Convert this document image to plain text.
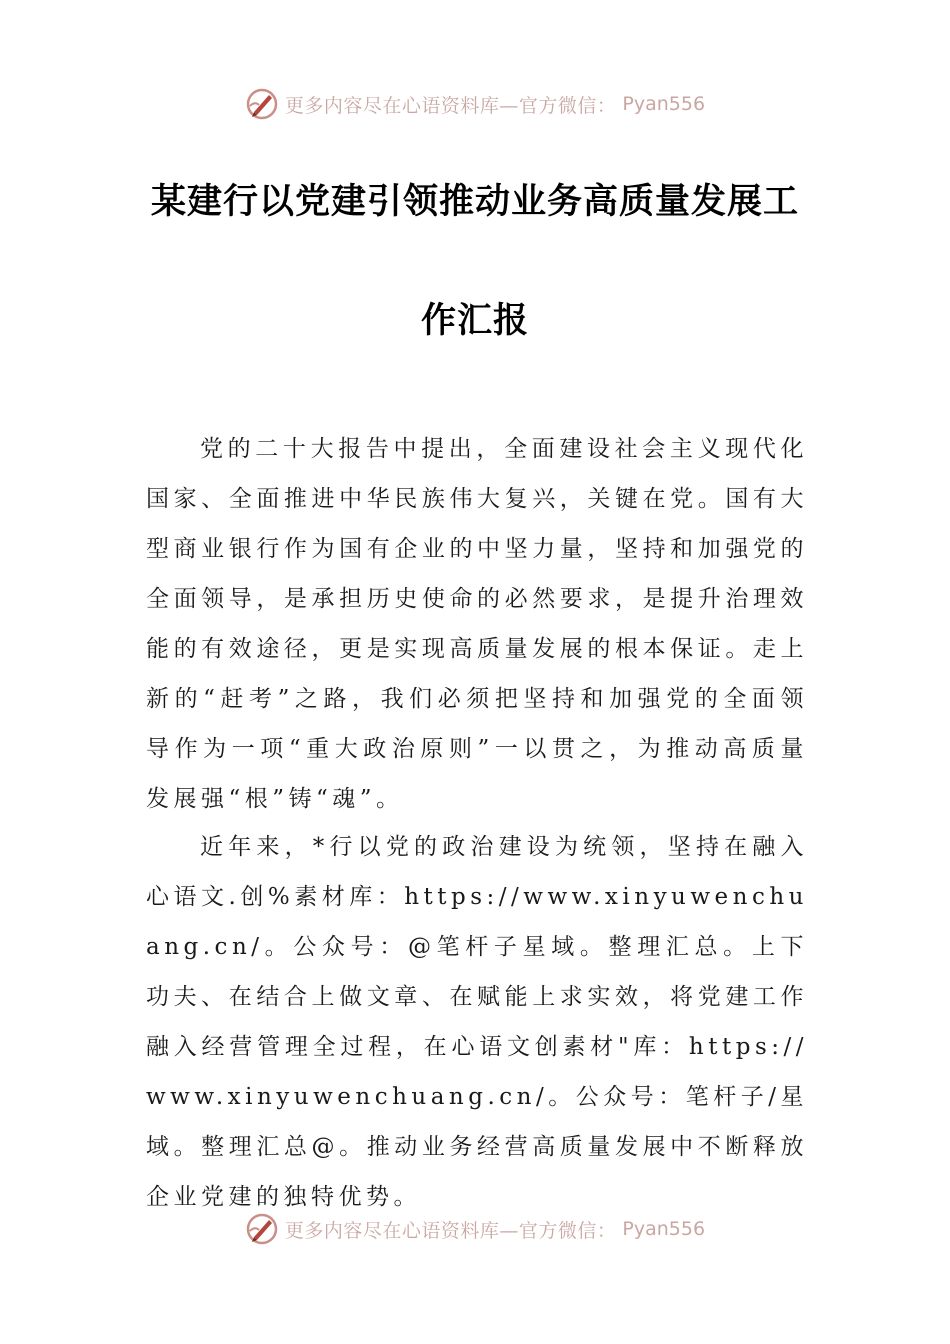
更多内容尽在心语资料库—官方微信： Pyan556
某建行以党建引领推动业务高质量发展工
作汇报

党的二十大报告中提出，全面建设社会主义现代化国家、全面推进中华民族伟大复兴，关键在党。国有大型商业银行作为国有企业的中坚力量，坚持和加强党的全面领导，是承担历史使命的必然要求，是提升治理效能的有效途径，更是实现高质量发展的根本保证。走上新的“赶考”之路，我们必须把坚持和加强党的全面领导作为一项“重大政治原则”一以贯之，为推动高质量发展强“根”铸“魂”。

近年来，*行以党的政治建设为统领，坚持在融入心语文.创%素材库：https://www.xinyuwenchuang.cn/。公众号：@笔杆子星域。整理汇总。上下功夫、在结合上做文章、在赋能上求实效，将党建工作融入经营管理全过程，在心语文创素材"库：https://www.xinyuwenchuang.cn/。公众号：笔杆子/星域。整理汇总@。推动业务经营高质量发展中不断释放企业党建的独特优势。

更多内容尽在心语资料库—官方微信： Pyan556
